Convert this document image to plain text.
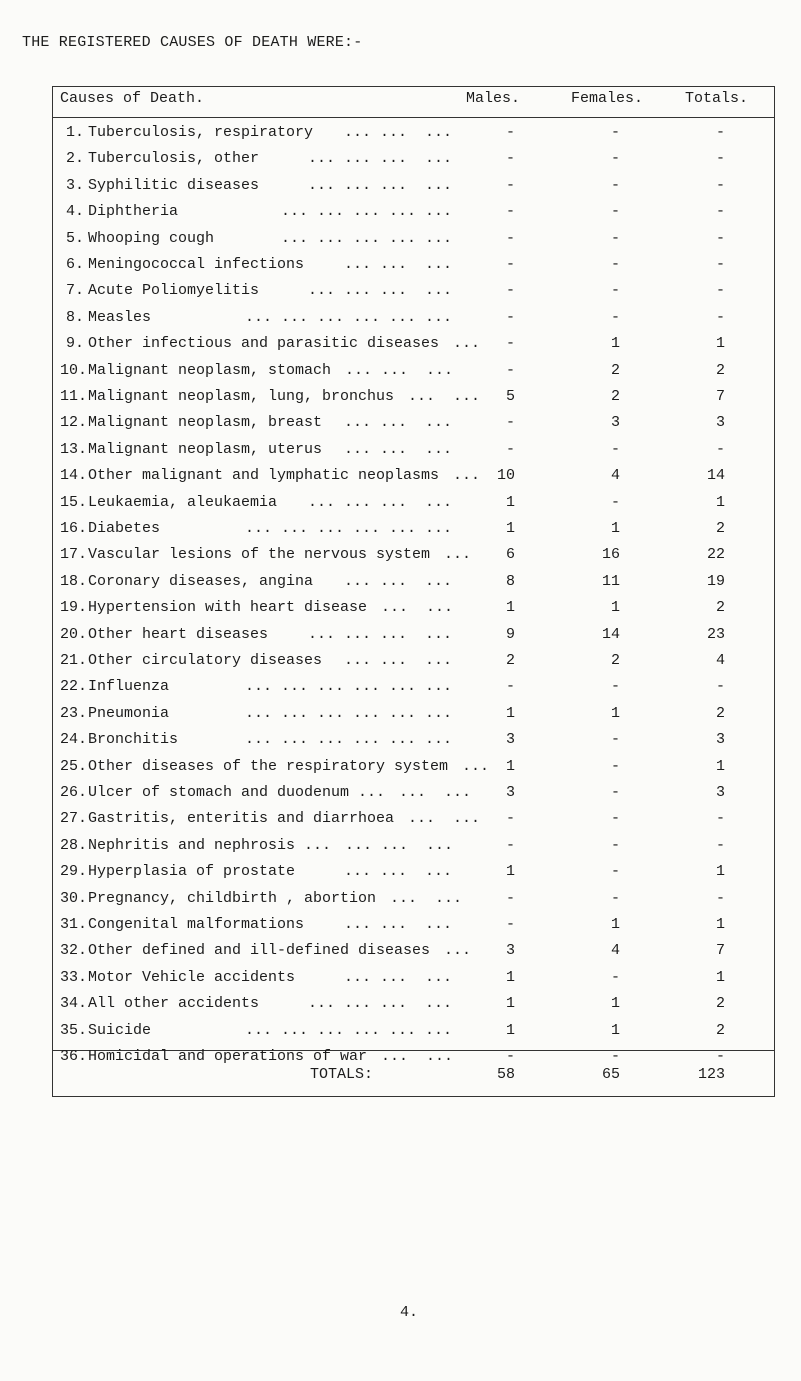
THE REGISTERED CAUSES OF DEATH WERE:-
Causes of Death.	Males.	Females.	Totals.
1. Tuberculosis, respiratory ... ...  ...	-	-	-
2. Tuberculosis, other	... ... ...  ...	-	-	-
3. Syphilitic diseases	... ... ...  ...	-	-	-
4. Diphtheria	... ... ... ... ...	-	-	-
5. Whooping cough	... ... ... ... ...	-	-	-
6. Meningococcal infections	... ...  ...	-	-	-
7. Acute Poliomyelitis	... ... ...  ...	-	-	-
8. Measles	... ... ... ... ... ...	-	-	-
9. Other infectious and parasitic diseases ...	-	1	1
10. Malignant neoplasm, stomach ... ...  ...	-	2	2
11. Malignant neoplasm, lung, bronchus ...  ...	5	2	7
12. Malignant neoplasm, breast ... ...  ...	-	3	3
13. Malignant neoplasm, uterus ... ...  ...	-	-	-
14. Other malignant and lymphatic neoplasms ...	10	4	14
15. Leukaemia, aleukaemia ... ... ...  ...	1	-	1
16. Diabetes	... ... ... ... ... ...	1	1	2
17. Vascular lesions of the nervous system ...	6	16	22
18. Coronary diseases, angina ... ...  ...	8	11	19
19. Hypertension with heart disease ...  ...	1	1	2
20. Other heart diseases	... ... ...  ...	9	14	23
21. Other circulatory diseases ... ...  ...	2	2	4
22. Influenza	... ... ... ... ... ...	-	-	-
23. Pneumonia	... ... ... ... ... ...	1	1	2
24. Bronchitis	... ... ... ... ... ...	3	-	3
25. Other diseases of the respiratory system ...	1	-	1
26. Ulcer of stomach and duodenum ... ...  ...	3	-	3
27. Gastritis, enteritis and diarrhoea ...  ...	-	-	-
28. Nephritis and nephrosis ... ... ...  ...	-	-	-
29. Hyperplasia of prostate	... ...  ...	1	-	1
30. Pregnancy, childbirth , abortion ...  ...	-	-	-
31. Congenital malformations	... ...  ...	-	1	1
32. Other defined and ill-defined diseases ...	3	4	7
33. Motor Vehicle accidents	... ...  ...	1	-	1
34. All other accidents	... ... ...  ...	1	1	2
35. Suicide	... ... ... ... ... ...	1	1	2
36. Homicidal and operations of war ...  ...	-	-	-
TOTALS:	58	65	123
4.
